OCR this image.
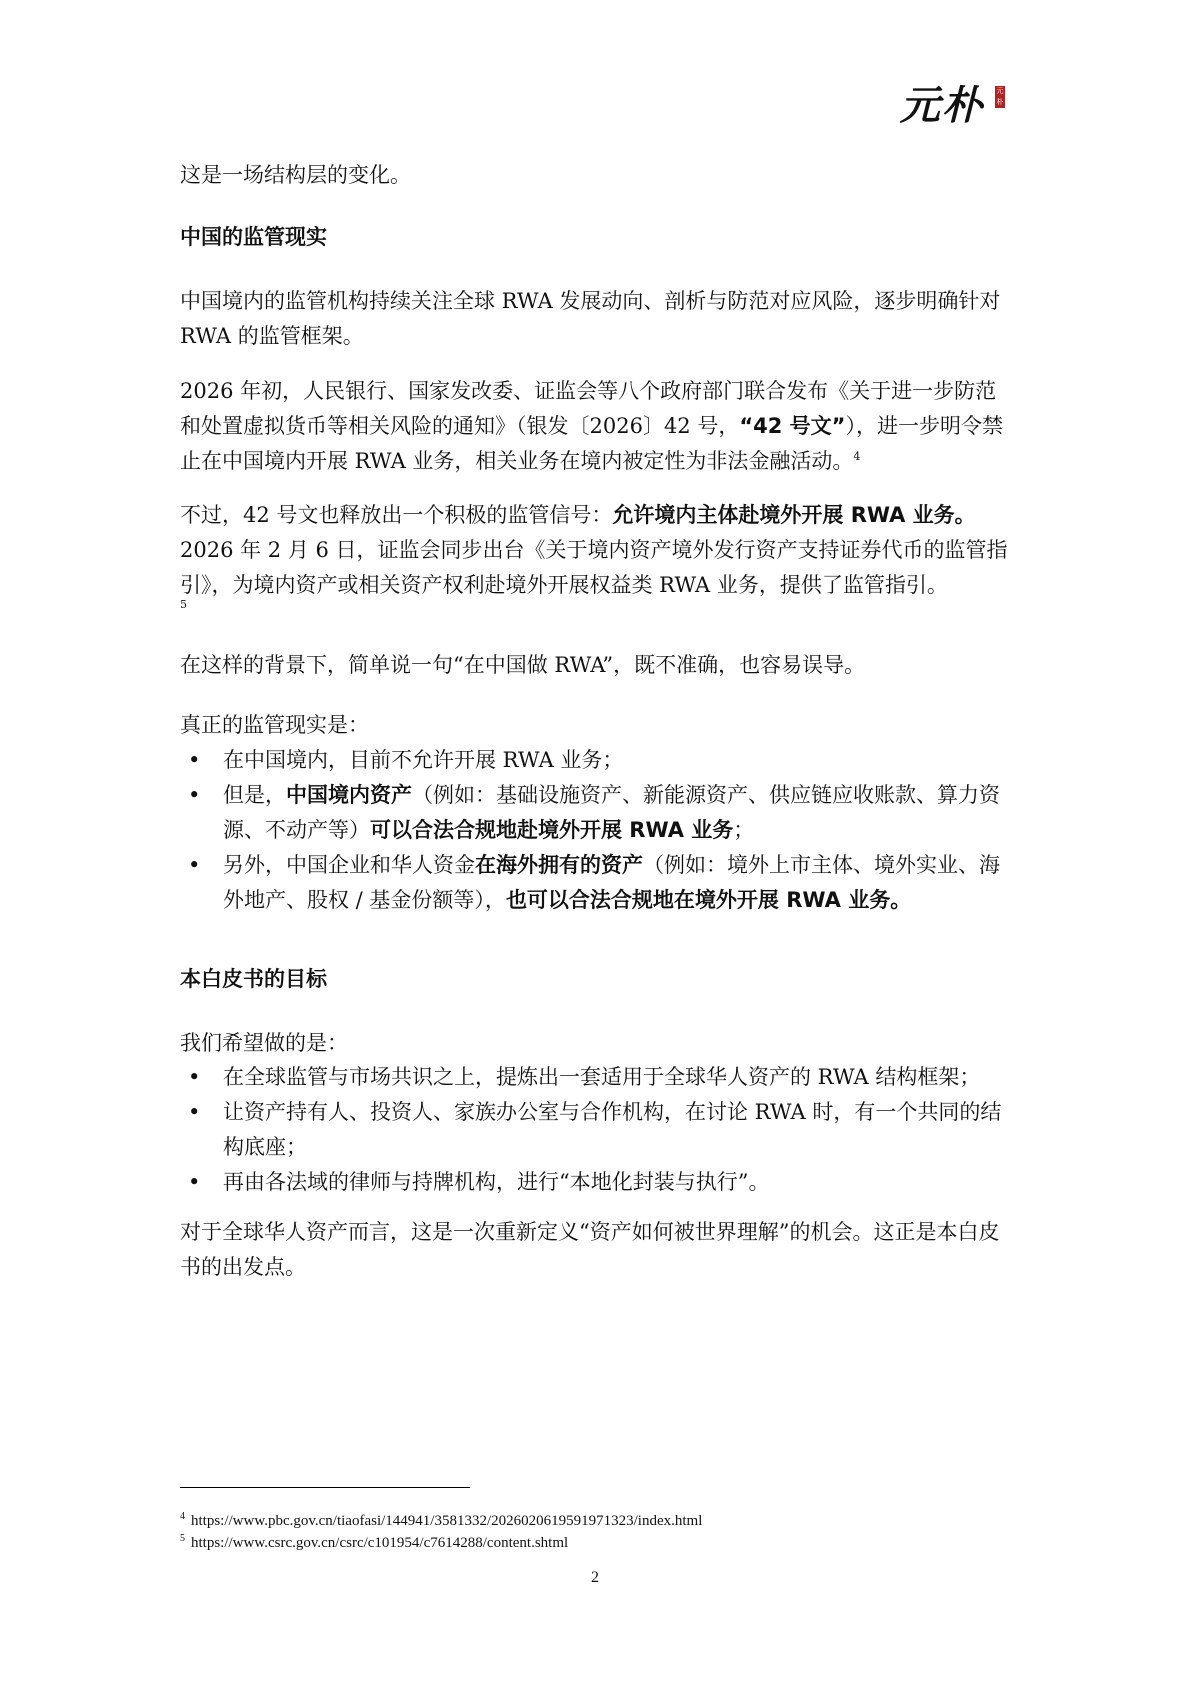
元朴 元朴

这是一场结构层的变化。

中国的监管现实

中国境内的监管机构持续关注全球 RWA 发展动向、剖析与防范对应风险，逐步明确针对 RWA 的监管框架。

2026 年初，人民银行、国家发改委、证监会等八个政府部门联合发布《关于进一步防范和处置虚拟货币等相关风险的通知》（银发〔2026〕42 号，“42 号文”），进一步明令禁止在中国境内开展 RWA 业务，相关业务在境内被定性为非法金融活动。$^4$

不过，42 号文也释放出一个积极的监管信号：允许境内主体赴境外开展 RWA 业务。2026 年 2 月 6 日，证监会同步出台《关于境内资产境外发行资产支持证券代币的监管指引》，为境内资产或相关资产权利赴境外开展权益类 RWA 业务，提供了监管指引。

5

在这样的背景下，简单说一句“在中国做 RWA”，既不准确，也容易误导。

真正的监管现实是：

• 在中国境内，目前不允许开展 RWA 业务；
• 但是，中国境内资产（例如：基础设施资产、新能源资产、供应链应收账款、算力资源、不动产等）可以合法合规地赴境外开展 RWA 业务；
• 另外，中国企业和华人资金在海外拥有的资产（例如：境外上市主体、境外实业、海外地产、股权 / 基金份额等），也可以合法合规地在境外开展 RWA 业务。
本白皮书的目标

我们希望做的是：

• 在全球监管与市场共识之上，提炼出一套适用于全球华人资产的 RWA 结构框架；
• 让资产持有人、投资人、家族办公室与合作机构，在讨论 RWA 时，有一个共同的结构底座；
• 再由各法域的律师与持牌机构，进行“本地化封装与执行”。

对于全球华人资产而言，这是一次重新定义“资产如何被世界理解”的机会。这正是本白皮书的出发点。

$^4$ https://www.pbc.gov.cn/tiaofasi/144941/3581332/2026020619591971323/index.html
$^5$ https://www.csrc.gov.cn/csrc/c101954/c7614288/content.shtml
2
